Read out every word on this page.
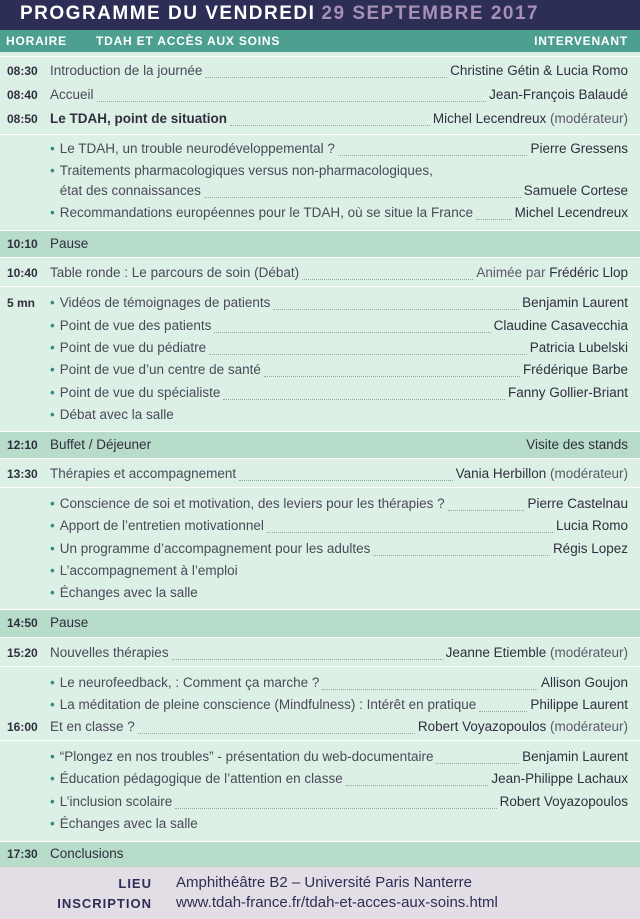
PROGRAMME DU VENDREDI 29 SEPTEMBRE 2017
HORAIRE TDAH ET ACCÈS AUX SOINS	INTERVENANT
08:30 Introduction de la journée	Christine Gétin & Lucia Romo
08:40 Accueil	Jean-François Balaudé
08:50 Le TDAH, point de situation	Michel Lecendreux (modérateur)
• Le TDAH, un trouble neurodéveloppemental ?	Pierre Gressens
• Traitements pharmacologiques versus non-pharmacologiques,
état des connaissances	Samuele Cortese
• Recommandations européennes pour le TDAH, où se situe la France	Michel Lecendreux
10:10 Pause
10:40 Table ronde : Le parcours de soin (Débat)	Animée par Frédéric Llop
5 mn	• Vidéos de témoignages de patients	Benjamin Laurent
• Point de vue des patients	Claudine Casavecchia
• Point de vue du pédiatre	Patricia Lubelski
• Point de vue d’un centre de santé	Frédérique Barbe
• Point de vue du spécialiste	Fanny Gollier-Briant
• Débat avec la salle
12:10 Buffet / Déjeuner	Visite des stands
13:30 Thérapies et accompagnement	Vania Herbillon (modérateur)
• Conscience de soi et motivation, des leviers pour les thérapies ?	Pierre Castelnau
• Apport de l’entretien motivationnel	Lucia Romo
• Un programme d’accompagnement pour les adultes	Régis Lopez
• L’accompagnement à l’emploi
• Échanges avec la salle
14:50 Pause
15:20 Nouvelles thérapies	Jeanne Etiemble (modérateur)
• Le neurofeedback, : Comment ça marche ?	Allison Goujon
• La méditation de pleine conscience (Mindfulness) : Intérêt en pratique	Philippe Laurent
16:00 Et en classe ?	Robert Voyazopoulos (modérateur)
• “Plongez en nos troubles” - présentation du web-documentaire	Benjamin Laurent
• Éducation pédagogique de l’attention en classe	Jean-Philippe Lachaux
• L’inclusion scolaire	Robert Voyazopoulos
• Échanges avec la salle
17:30 Conclusions
LIEU Amphithéâtre B2 – Université Paris Nanterre
INSCRIPTION www.tdah-france.fr/tdah-et-acces-aux-soins.html
